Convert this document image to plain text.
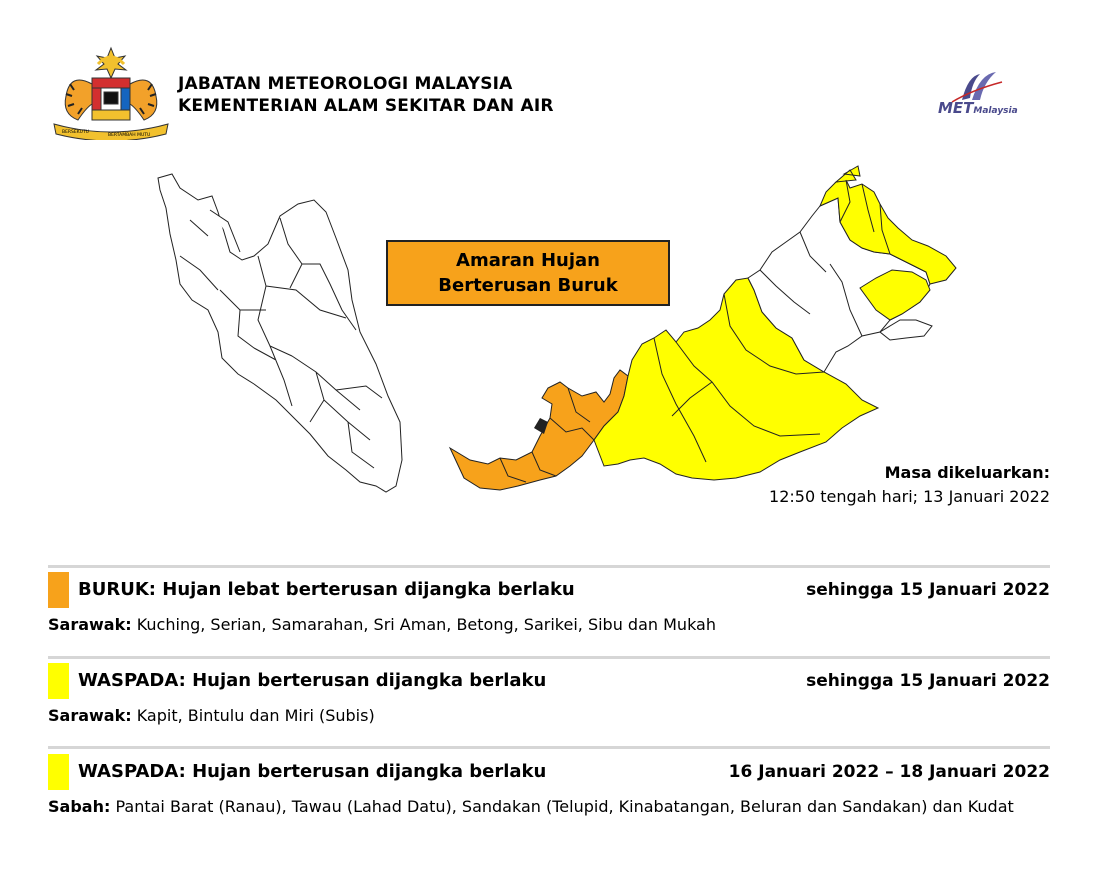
BERSEKUTU
BERTAMBAH MUTU
JABATAN METEOROLOGI MALAYSIA
KEMENTERIAN ALAM SEKITAR DAN AIR	METMalaysia
Amaran Hujan
Berterusan Buruk
Masa dikeluarkan:
12:50 tengah hari; 13 Januari 2022
BURUK: Hujan lebat berterusan dijangka berlaku	sehingga 15 Januari 2022
Sarawak: Kuching, Serian, Samarahan, Sri Aman, Betong, Sarikei, Sibu dan Mukah
WASPADA: Hujan berterusan dijangka berlaku	sehingga 15 Januari 2022
Sarawak: Kapit, Bintulu dan Miri (Subis)
WASPADA: Hujan berterusan dijangka berlaku	16 Januari 2022 – 18 Januari 2022
Sabah: Pantai Barat (Ranau), Tawau (Lahad Datu), Sandakan (Telupid, Kinabatangan, Beluran dan Sandakan) dan Kudat
